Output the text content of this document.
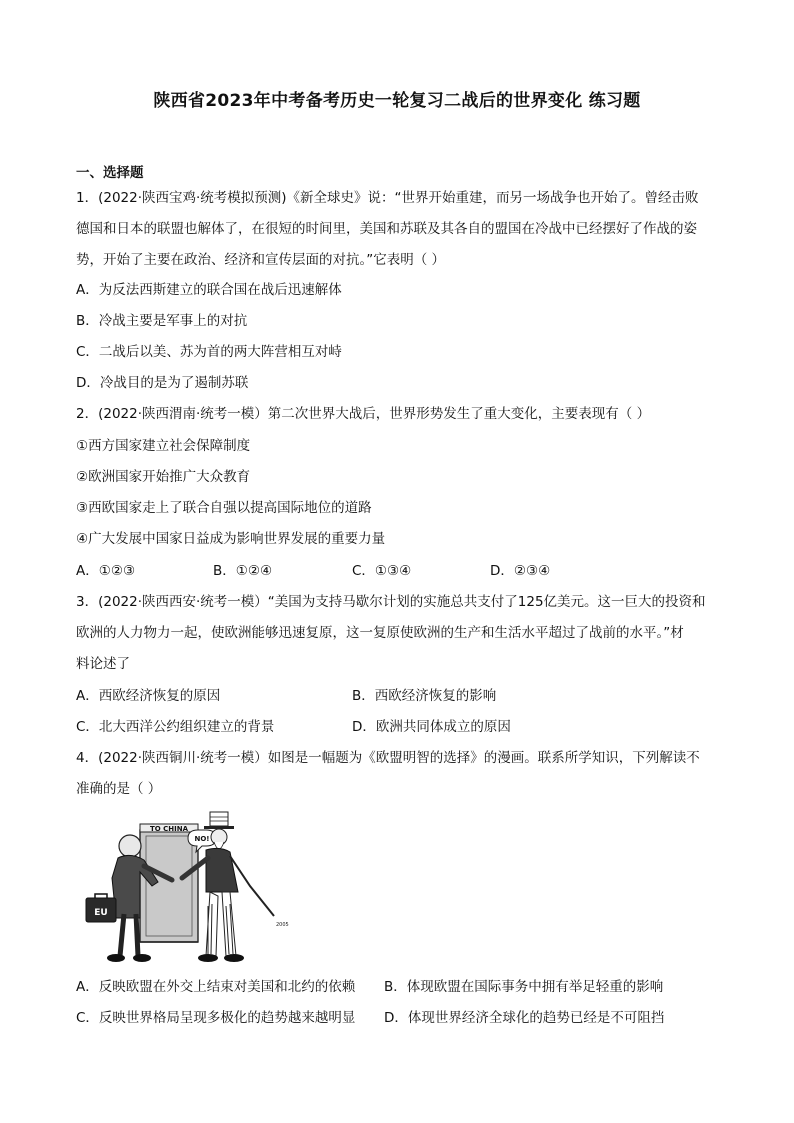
陕西省2023年中考备考历史一轮复习二战后的世界变化 练习题
一、选择题
1．(2022·陕西宝鸡·统考模拟预测)《新全球史》说：“世界开始重建，而另一场战争也开始了。曾经击败
德国和日本的联盟也解体了，在很短的时间里，美国和苏联及其各自的盟国在冷战中已经摆好了作战的姿
势，开始了主要在政治、经济和宣传层面的对抗。”它表明（ ）
A．为反法西斯建立的联合国在战后迅速解体
B．冷战主要是军事上的对抗
C．二战后以美、苏为首的两大阵营相互对峙
D．冷战目的是为了遏制苏联
2．(2022·陕西渭南·统考一模）第二次世界大战后，世界形势发生了重大变化，主要表现有（ ）
①西方国家建立社会保障制度
②欧洲国家开始推广大众教育
③西欧国家走上了联合自强以提高国际地位的道路
④广大发展中国家日益成为影响世界发展的重要力量
A．①②③	B．①②④	C．①③④	D．②③④
3．(2022·陕西西安·统考一模）“美国为支持马歇尔计划的实施总共支付了125亿美元。这一巨大的投资和
欧洲的人力物力一起，使欧洲能够迅速复原，这一复原使欧洲的生产和生活水平超过了战前的水平。”材
料论述了
A．西欧经济恢复的原因	B．西欧经济恢复的影响
C．北大西洋公约组织建立的背景	D．欧洲共同体成立的原因
4．(2022·陕西铜川·统考一模）如图是一幅题为《欧盟明智的选择》的漫画。联系所学知识，下列解读不
准确的是（ ）
TO CHINA
NO!
EU
2005
A．反映欧盟在外交上结束对美国和北约的依赖 B．体现欧盟在国际事务中拥有举足轻重的影响
C．反映世界格局呈现多极化的趋势越来越明显 D．体现世界经济全球化的趋势已经是不可阻挡
